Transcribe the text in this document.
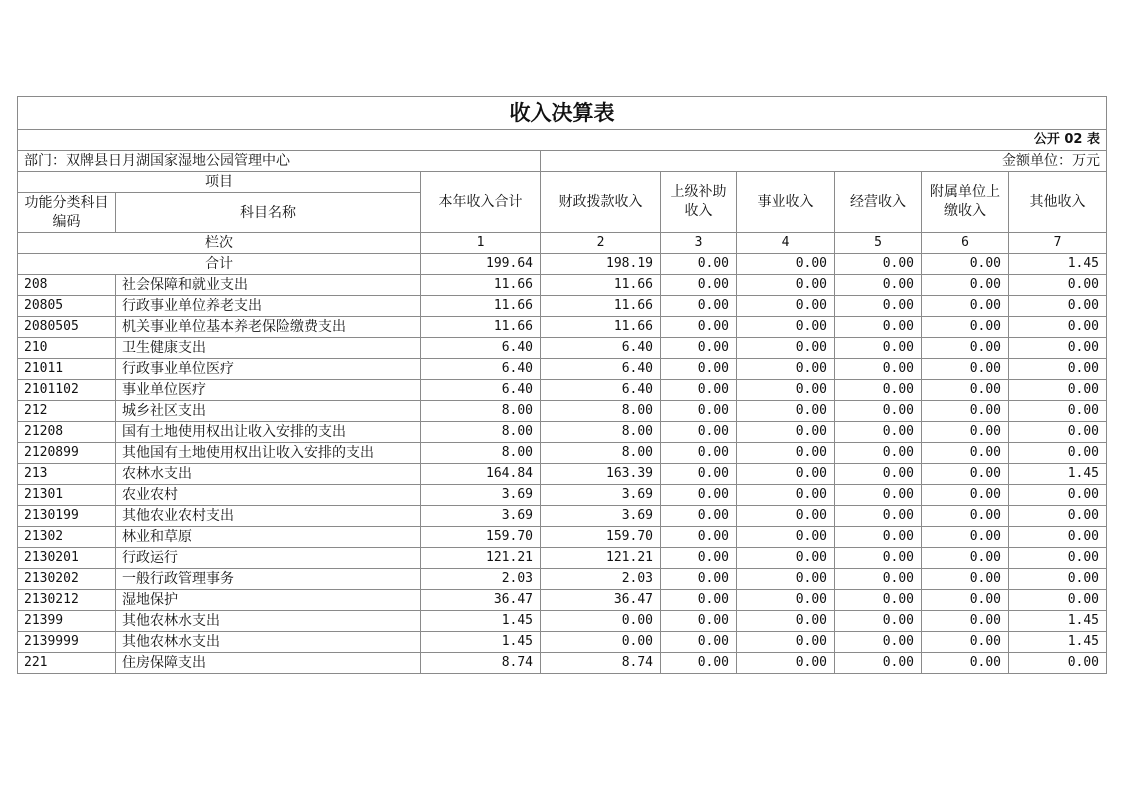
收入决算表								
公开 02 表								
部门：双牌县日月湖国家湿地公园管理中心			金额单位：万元					
项目		本年收入合计	财政拨款收入	上级补助收入	事业收入	经营收入	附属单位上缴收入	其他收入
功能分类科目编码	科目名称							
栏次		1	2	3	4	5	6	7
合计		199.64	198.19	0.00	0.00	0.00	0.00	1.45
208	社会保障和就业支出	11.66	11.66	0.00	0.00	0.00	0.00	0.00
20805	行政事业单位养老支出	11.66	11.66	0.00	0.00	0.00	0.00	0.00
2080505	机关事业单位基本养老保险缴费支出	11.66	11.66	0.00	0.00	0.00	0.00	0.00
210	卫生健康支出	6.40	6.40	0.00	0.00	0.00	0.00	0.00
21011	行政事业单位医疗	6.40	6.40	0.00	0.00	0.00	0.00	0.00
2101102	事业单位医疗	6.40	6.40	0.00	0.00	0.00	0.00	0.00
212	城乡社区支出	8.00	8.00	0.00	0.00	0.00	0.00	0.00
21208	国有土地使用权出让收入安排的支出	8.00	8.00	0.00	0.00	0.00	0.00	0.00
2120899	其他国有土地使用权出让收入安排的支出	8.00	8.00	0.00	0.00	0.00	0.00	0.00
213	农林水支出	164.84	163.39	0.00	0.00	0.00	0.00	1.45
21301	农业农村	3.69	3.69	0.00	0.00	0.00	0.00	0.00
2130199	其他农业农村支出	3.69	3.69	0.00	0.00	0.00	0.00	0.00
21302	林业和草原	159.70	159.70	0.00	0.00	0.00	0.00	0.00
2130201	行政运行	121.21	121.21	0.00	0.00	0.00	0.00	0.00
2130202	一般行政管理事务	2.03	2.03	0.00	0.00	0.00	0.00	0.00
2130212	湿地保护	36.47	36.47	0.00	0.00	0.00	0.00	0.00
21399	其他农林水支出	1.45	0.00	0.00	0.00	0.00	0.00	1.45
2139999	其他农林水支出	1.45	0.00	0.00	0.00	0.00	0.00	1.45
221	住房保障支出	8.74	8.74	0.00	0.00	0.00	0.00	0.00
